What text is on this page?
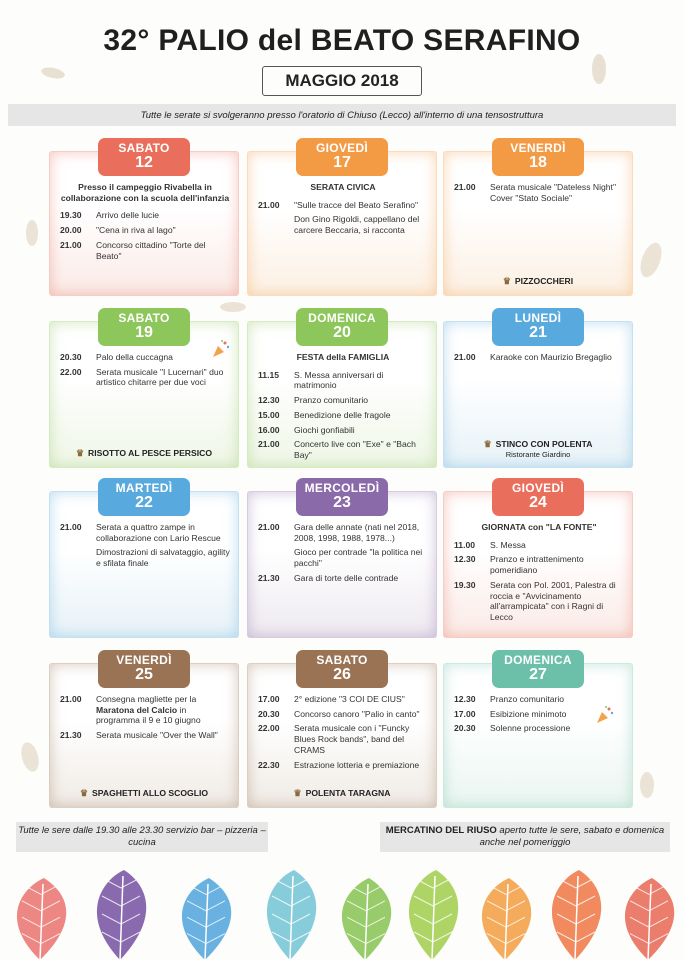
32° PALIO del BEATO SERAFINO
MAGGIO 2018
Tutte le serate si svolgeranno presso l'oratorio di Chiuso (Lecco) all'interno di una tensostruttura
SABATO
12
Presso il campeggio Rivabella in collaborazione con la scuola dell'infanzia
19.30	Arrivo delle lucie
20.00	"Cena in riva al lago"
21.00	Concorso cittadino "Torte del Beato"
GIOVEDÌ
17
SERATA CIVICA
21.00	"Sulle tracce del Beato Serafino"
Don Gino Rigoldi, cappellano del carcere Beccaria, si racconta
VENERDÌ
18
21.00	Serata musicale "Dateless Night" Cover "Stato Sociale"
♛ PIZZOCCHERI
SABATO
19
20.30	Palo della cuccagna
22.00	Serata musicale "I Lucernari" duo artistico chitarre per due voci
♛ RISOTTO AL PESCE PERSICO
DOMENICA
20
FESTA della FAMIGLIA
11.15	S. Messa anniversari di matrimonio
12.30	Pranzo comunitario
15.00	Benedizione delle fragole
16.00	Giochi gonfiabili
21.00	Concerto live con "Exe" e "Bach Bay"
LUNEDÌ
21
21.00	Karaoke con Maurizio Bregaglio
♛ STINCO CON POLENTA
Ristorante Giardino
MARTEDÌ
22
21.00	Serata a quattro zampe in collaborazione con Lario Rescue
Dimostrazioni di salvataggio, agility e sfilata finale
MERCOLEDÌ
23
21.00	Gara delle annate (nati nel 2018, 2008, 1998, 1988, 1978...)
Gioco per contrade "la politica nei pacchi"
21.30	Gara di torte delle contrade
GIOVEDÌ
24
GIORNATA con "LA FONTE"
11.00	S. Messa
12.30	Pranzo e intrattenimento pomeridiano
19.30	Serata con Pol. 2001, Palestra di roccia e "Avvicinamento all'arrampicata" con i Ragni di Lecco
VENERDÌ
25
21.00	Consegna magliette per la Maratona del Calcio in programma il 9 e 10 giugno
21.30	Serata musicale "Over the Wall"
♛ SPAGHETTI ALLO SCOGLIO
SABATO
26
17.00	2° edizione "3 COI DE CIUS"
20.30	Concorso canoro "Palio in canto"
22.00	Serata musicale con i "Funcky Blues Rock bands", band del CRAMS
22.30	Estrazione lotteria e premiazione
♛ POLENTA TARAGNA
DOMENICA
27
12.30	Pranzo comunitario
17.00	Esibizione minimoto
20.30	Solenne processione
Tutte le sere dalle 19.30 alle 23.30 servizio bar – pizzeria – cucina
MERCATINO DEL RIUSO aperto tutte le sere, sabato e domenica anche nel pomeriggio
